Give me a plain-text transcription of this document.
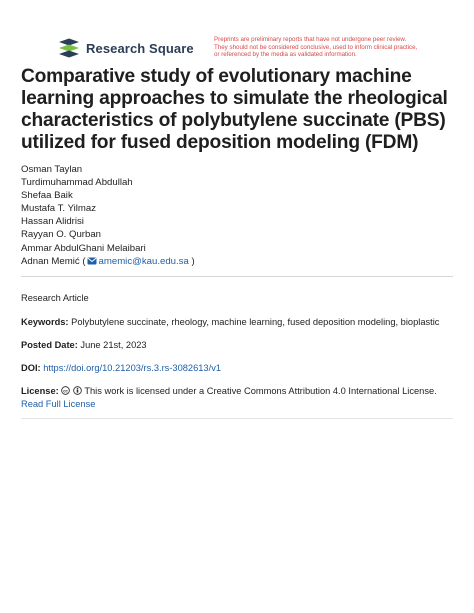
Research Square
Preprints are preliminary reports that have not undergone peer review.
They should not be considered conclusive, used to inform clinical practice,
or referenced by the media as validated information.
Comparative study of evolutionary machine learning approaches to simulate the rheological characteristics of polybutylene succinate (PBS) utilized for fused deposition modeling (FDM)
Osman Taylan
Turdimuhammad Abdullah
Shefaa Baik
Mustafa T. Yilmaz
Hassan Alidrisi
Rayyan O. Qurban
Ammar AbdulGhani Melaibari
Adnan Memić ( amemic@kau.edu.sa )
Research Article
Keywords: Polybutylene succinate, rheology, machine learning, fused deposition modeling, bioplastic
Posted Date: June 21st, 2023
DOI: https://doi.org/10.21203/rs.3.rs-3082613/v1
License: cc This work is licensed under a Creative Commons Attribution 4.0 International License.
Read Full License
